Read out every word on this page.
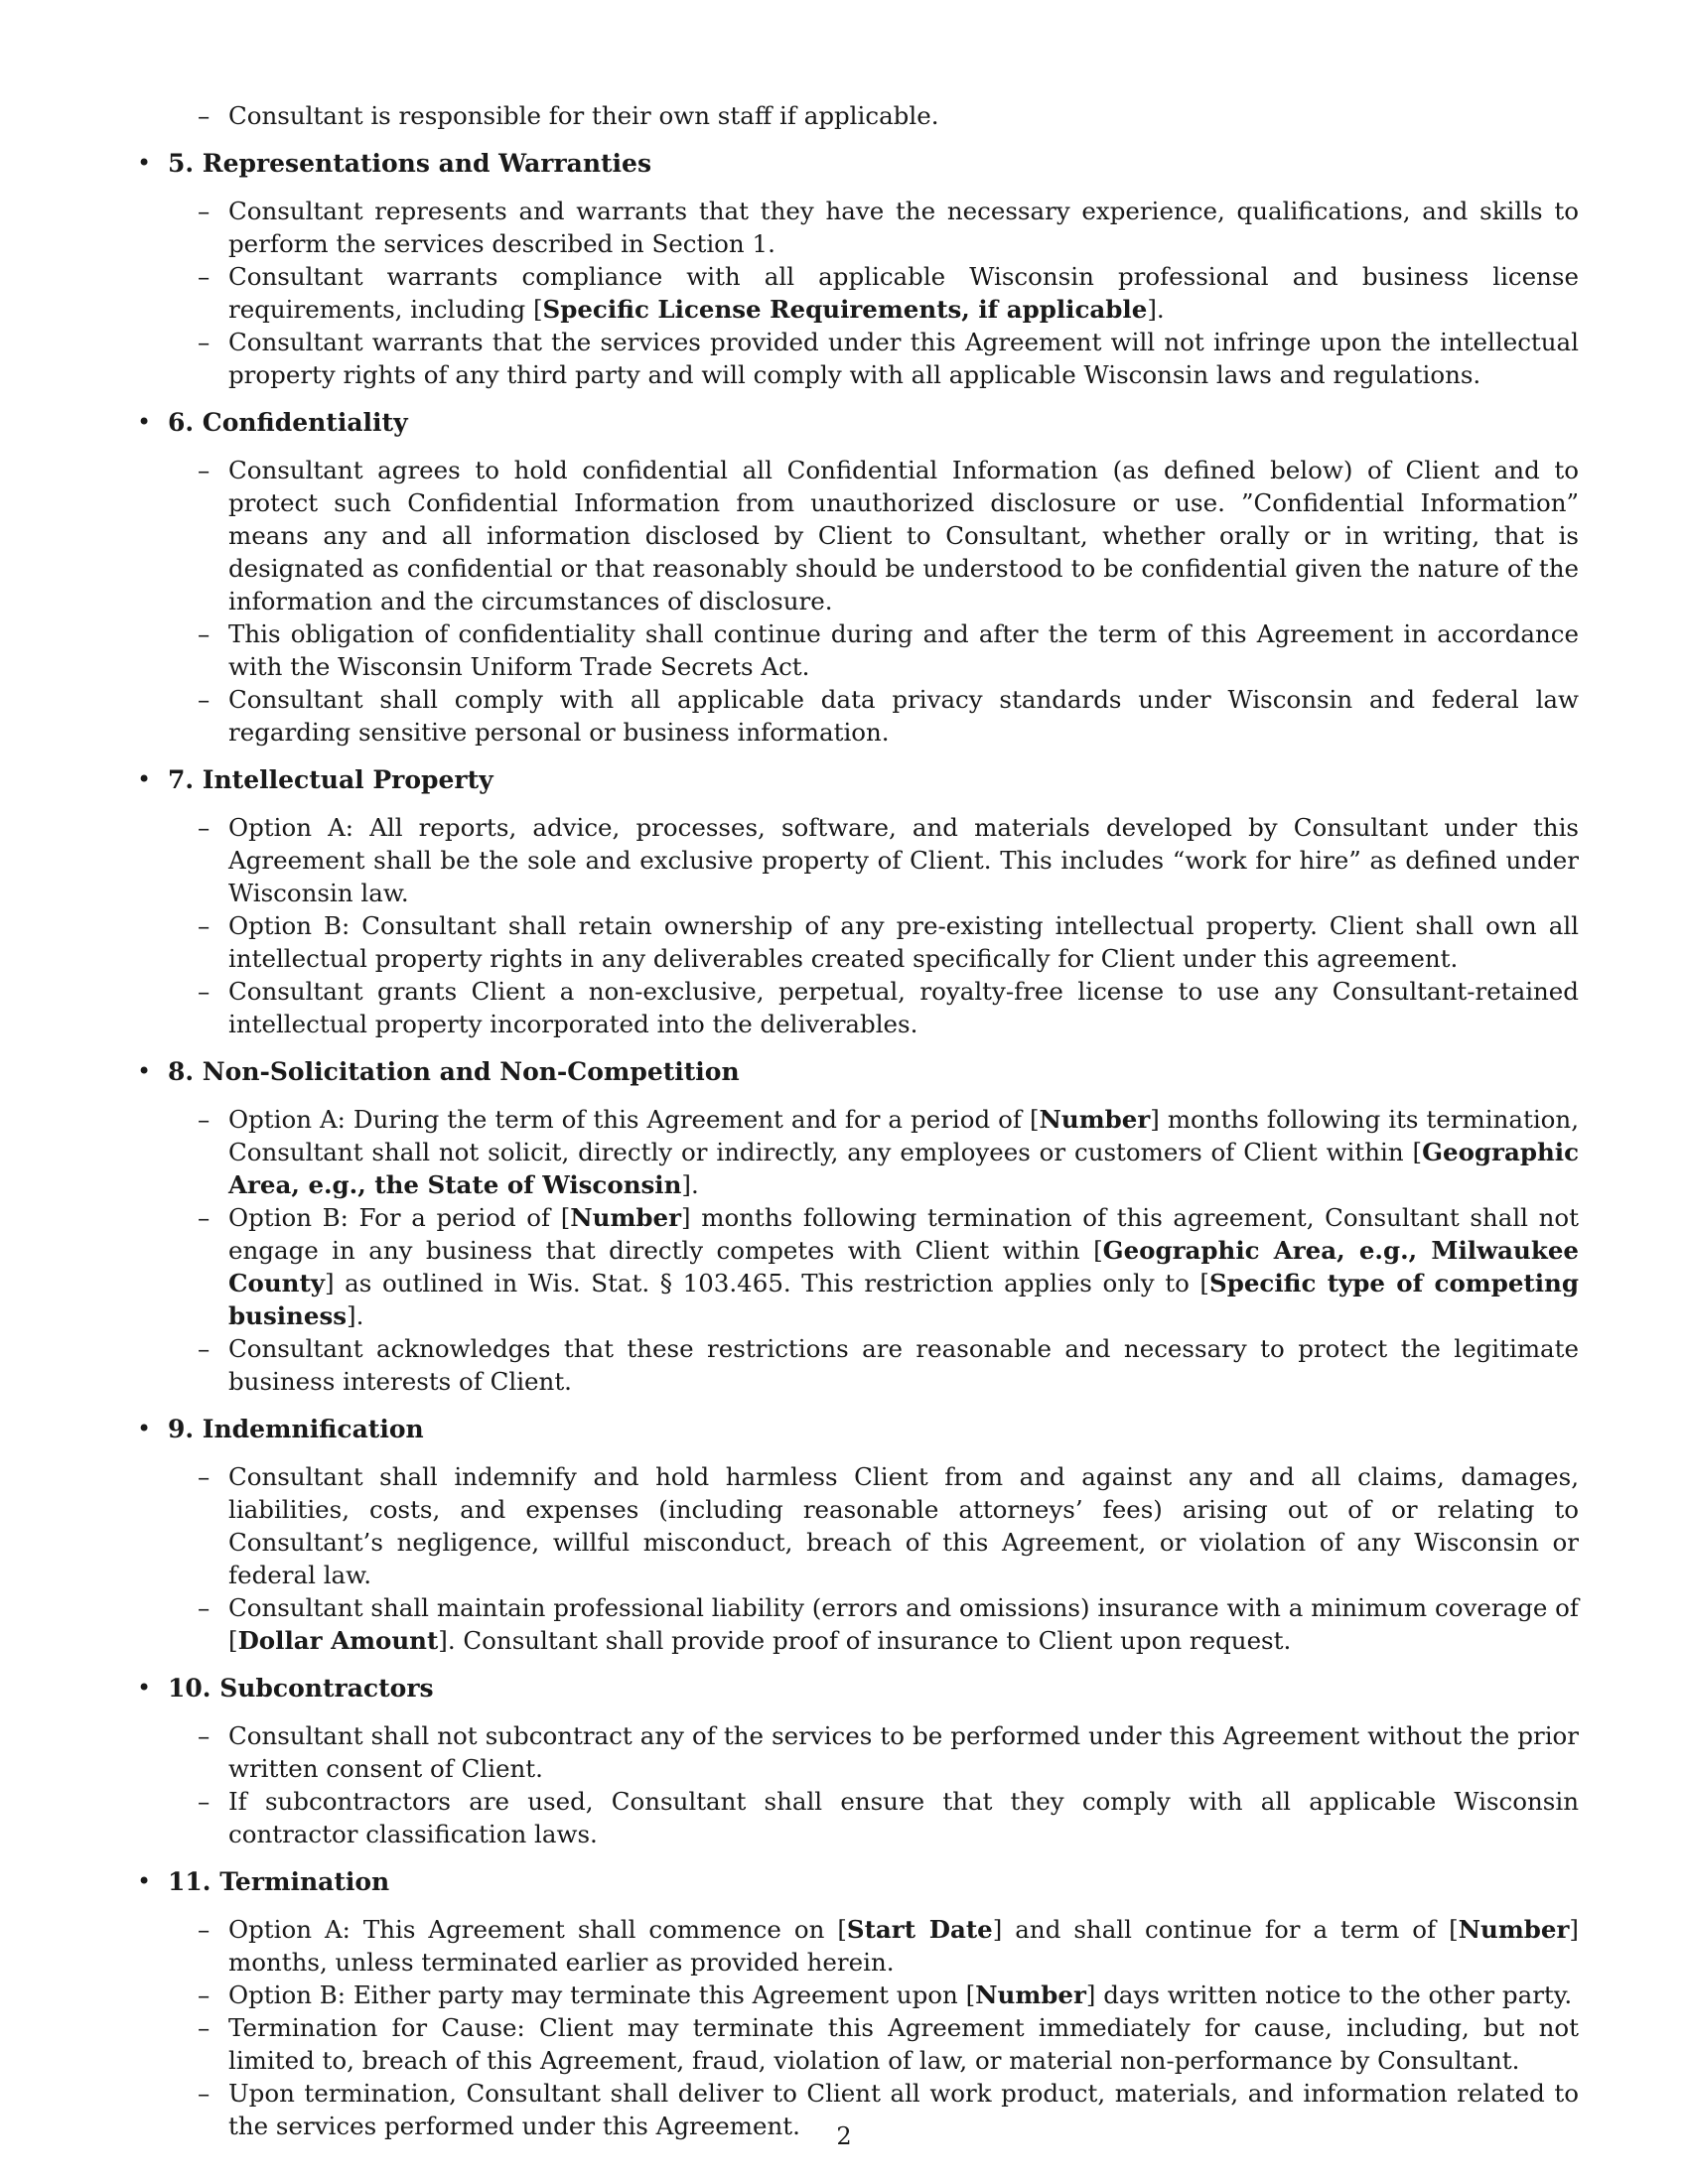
– Consultant is responsible for their own staff if applicable.
• 5. Representations and Warranties
– Consultant represents and warrants that they have the necessary experience, qualifications, and skills to perform the services described in Section 1.
– Consultant warrants compliance with all applicable Wisconsin professional and business license requirements, including [Specific License Requirements, if applicable].
– Consultant warrants that the services provided under this Agreement will not infringe upon the intellectual property rights of any third party and will comply with all applicable Wisconsin laws and regulations.
• 6. Confidentiality
– Consultant agrees to hold confidential all Confidential Information (as defined below) of Client and to protect such Confidential Information from unauthorized disclosure or use. ”Confidential Information” means any and all information disclosed by Client to Consultant, whether orally or in writing, that is designated as confidential or that reasonably should be understood to be confidential given the nature of the information and the circumstances of disclosure.
– This obligation of confidentiality shall continue during and after the term of this Agreement in accordance with the Wisconsin Uniform Trade Secrets Act.
– Consultant shall comply with all applicable data privacy standards under Wisconsin and federal law regarding sensitive personal or business information.
• 7. Intellectual Property
– Option A: All reports, advice, processes, software, and materials developed by Consultant under this Agreement shall be the sole and exclusive property of Client. This includes “work for hire” as defined under Wisconsin law.
– Option B: Consultant shall retain ownership of any pre-existing intellectual property. Client shall own all intellectual property rights in any deliverables created specifically for Client under this agreement.
– Consultant grants Client a non-exclusive, perpetual, royalty-free license to use any Consultant-retained intellectual property incorporated into the deliverables.
• 8. Non-Solicitation and Non-Competition
– Option A: During the term of this Agreement and for a period of [Number] months following its termination, Consultant shall not solicit, directly or indirectly, any employees or customers of Client within [Geographic Area, e.g., the State of Wisconsin].
– Option B: For a period of [Number] months following termination of this agreement, Consultant shall not engage in any business that directly competes with Client within [Geographic Area, e.g., Milwaukee County] as outlined in Wis. Stat. § 103.465. This restriction applies only to [Specific type of competing business].
– Consultant acknowledges that these restrictions are reasonable and necessary to protect the legitimate business interests of Client.
• 9. Indemnification
– Consultant shall indemnify and hold harmless Client from and against any and all claims, damages, liabilities, costs, and expenses (including reasonable attorneys’ fees) arising out of or relating to Consultant’s negligence, willful misconduct, breach of this Agreement, or violation of any Wisconsin or federal law.
– Consultant shall maintain professional liability (errors and omissions) insurance with a minimum coverage of [Dollar Amount]. Consultant shall provide proof of insurance to Client upon request.
• 10. Subcontractors
– Consultant shall not subcontract any of the services to be performed under this Agreement without the prior written consent of Client.
– If subcontractors are used, Consultant shall ensure that they comply with all applicable Wisconsin contractor classification laws.
• 11. Termination
– Option A: This Agreement shall commence on [Start Date] and shall continue for a term of [Number] months, unless terminated earlier as provided herein.
– Option B: Either party may terminate this Agreement upon [Number] days written notice to the other party.
– Termination for Cause: Client may terminate this Agreement immediately for cause, including, but not limited to, breach of this Agreement, fraud, violation of law, or material non-performance by Consultant.
– Upon termination, Consultant shall deliver to Client all work product, materials, and information related to the services performed under this Agreement.	2
